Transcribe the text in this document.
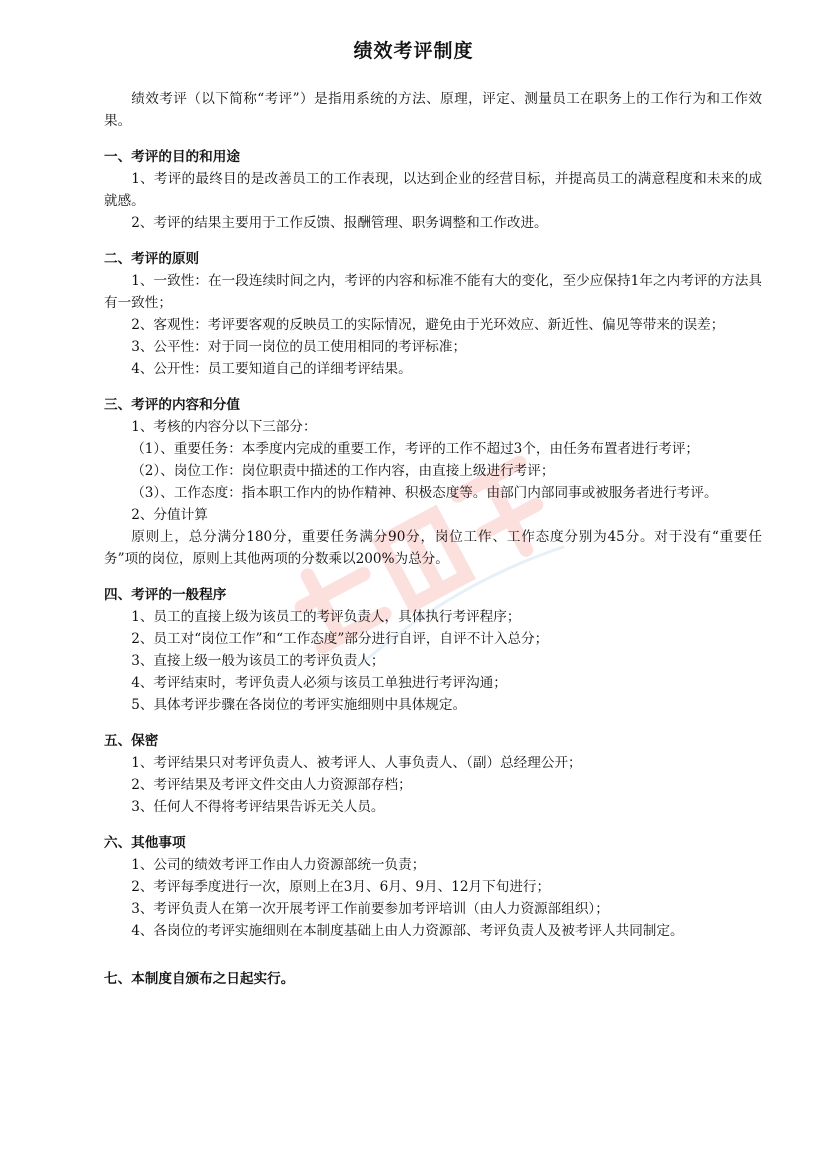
绩效考评制度

绩效考评（以下简称“考评”）是指用系统的方法、原理，评定、测量员工在职务上的工作行为和工作效果。

一、考评的目的和用途

1、考评的最终目的是改善员工的工作表现，以达到企业的经营目标，并提高员工的满意程度和未来的成就感。

2、考评的结果主要用于工作反馈、报酬管理、职务调整和工作改进。

二、考评的原则

1、一致性：在一段连续时间之内，考评的内容和标准不能有大的变化，至少应保持1年之内考评的方法具有一致性；

2、客观性：考评要客观的反映员工的实际情况，避免由于光环效应、新近性、偏见等带来的误差；

3、公平性：对于同一岗位的员工使用相同的考评标准；

4、公开性：员工要知道自己的详细考评结果。

三、考评的内容和分值

1、考核的内容分以下三部分：

（1）、重要任务：本季度内完成的重要工作，考评的工作不超过3个，由任务布置者进行考评；

（2）、岗位工作：岗位职责中描述的工作内容，由直接上级进行考评；

（3）、工作态度：指本职工作内的协作精神、积极态度等。由部门内部同事或被服务者进行考评。

2、分值计算

原则上，总分满分180分，重要任务满分90分，岗位工作、工作态度分别为45分。对于没有“重要任务”项的岗位，原则上其他两项的分数乘以200%为总分。

四、考评的一般程序

1、员工的直接上级为该员工的考评负责人，具体执行考评程序；

2、员工对“岗位工作”和“工作态度”部分进行自评，自评不计入总分；

3、直接上级一般为该员工的考评负责人；

4、考评结束时，考评负责人必须与该员工单独进行考评沟通；

5、具体考评步骤在各岗位的考评实施细则中具体规定。

五、保密

1、考评结果只对考评负责人、被考评人、人事负责人、（副）总经理公开；

2、考评结果及考评文件交由人力资源部存档；

3、任何人不得将考评结果告诉无关人员。

六、其他事项

1、公司的绩效考评工作由人力资源部统一负责；

2、考评每季度进行一次，原则上在3月、6月、9月、12月下旬进行；

3、考评负责人在第一次开展考评工作前要参加考评培训（由人力资源部组织）；

4、各岗位的考评实施细则在本制度基础上由人力资源部、考评负责人及被考评人共同制定。

七、本制度自颁布之日起实行。
